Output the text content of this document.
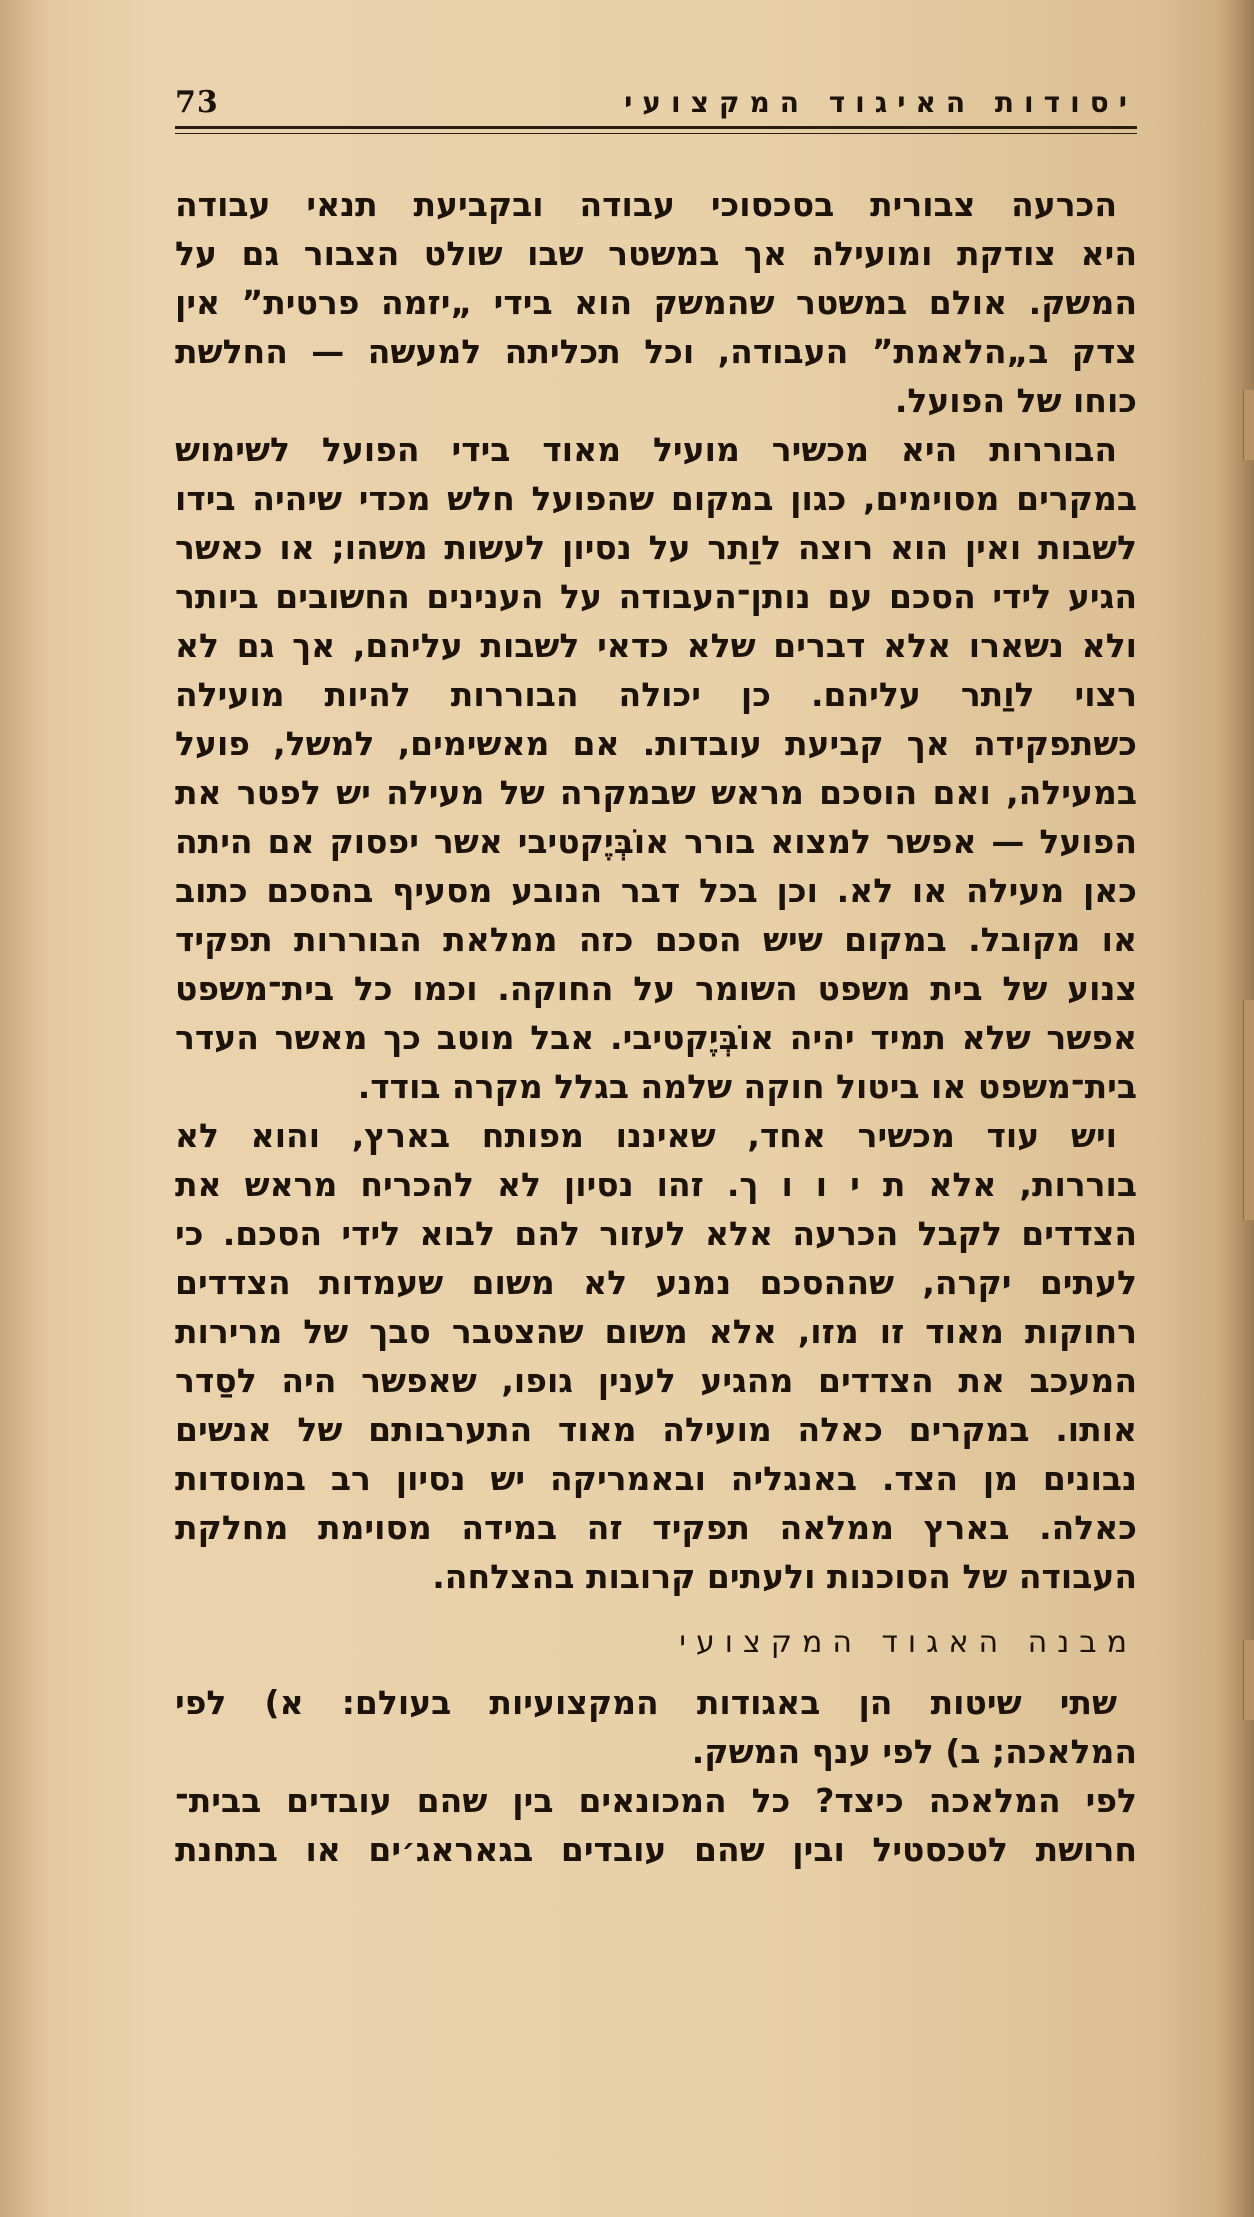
73	יסודות האיגוד המקצועי
הכרעה צבורית בסכסוכי עבודה ובקביעת תנאי עבודה
היא צודקת ומועילה אך במשטר שבו שולט הצבור גם על
המשק. אולם במשטר שהמשק הוא בידי „יזמה פרטית” אין
צדק ב„הלאמת” העבודה, וכל תכליתה למעשה — החלשת
כוחו של הפועל.
הבוררות היא מכשיר מועיל מאוד בידי הפועל לשימוש
במקרים מסוימים, כגון במקום שהפועל חלש מכדי שיהיה בידו
לשבות ואין הוא רוצה לוַתר על נסיון לעשות משהו; או כאשר
הגיע לידי הסכם עם נותן־העבודה על הענינים החשובים ביותר
ולא נשארו אלא דברים שלא כדאי לשבות עליהם, אך גם לא
רצוי לוַתר עליהם. כן יכולה הבוררות להיות מועילה
כשתפקידה אך קביעת עובדות. אם מאשימים, למשל, פועל
במעילה, ואם הוסכם מראש שבמקרה של מעילה יש לפטר את
הפועל — אפשר למצוא בורר אוֹבְּיֶקטיבי אשר יפסוק אם היתה
כאן מעילה או לא. וכן בכל דבר הנובע מסעיף בהסכם כתוב
או מקובל. במקום שיש הסכם כזה ממלאת הבוררות תפקיד
צנוע של בית משפט השומר על החוקה. וכמו כל בית־משפט
אפשר שלא תמיד יהיה אוֹבְּיֶקטיבי. אבל מוטב כך מאשר העדר
בית־משפט או ביטול חוקה שלמה בגלל מקרה בודד.
ויש עוד מכשיר אחד, שאיננו מפותח בארץ, והוא לא
בוררות, אלא ת י ו ו ך. זהו נסיון לא להכריח מראש את
הצדדים לקבל הכרעה אלא לעזור להם לבוא לידי הסכם. כי
לעתים יקרה, שההסכם נמנע לא משום שעמדות הצדדים
רחוקות מאוד זו מזו, אלא משום שהצטבר סבך של מרירות
המעכב את הצדדים מהגיע לענין גופו, שאפשר היה לסַדר
אותו. במקרים כאלה מועילה מאוד התערבותם של אנשים
נבונים מן הצד. באנגליה ובאמריקה יש נסיון רב במוסדות
כאלה. בארץ ממלאה תפקיד זה במידה מסוימת מחלקת
העבודה של הסוכנות ולעתים קרובות בהצלחה.
מבנה האגוד המקצועי
שתי שיטות הן באגודות המקצועיות בעולם: א) לפי
המלאכה; ב) לפי ענף המשק.
לפי המלאכה כיצד? כל המכונאים בין שהם עובדים בבית־
חרושת לטכסטיל ובין שהם עובדים בגאראג׳ים או בתחנת
